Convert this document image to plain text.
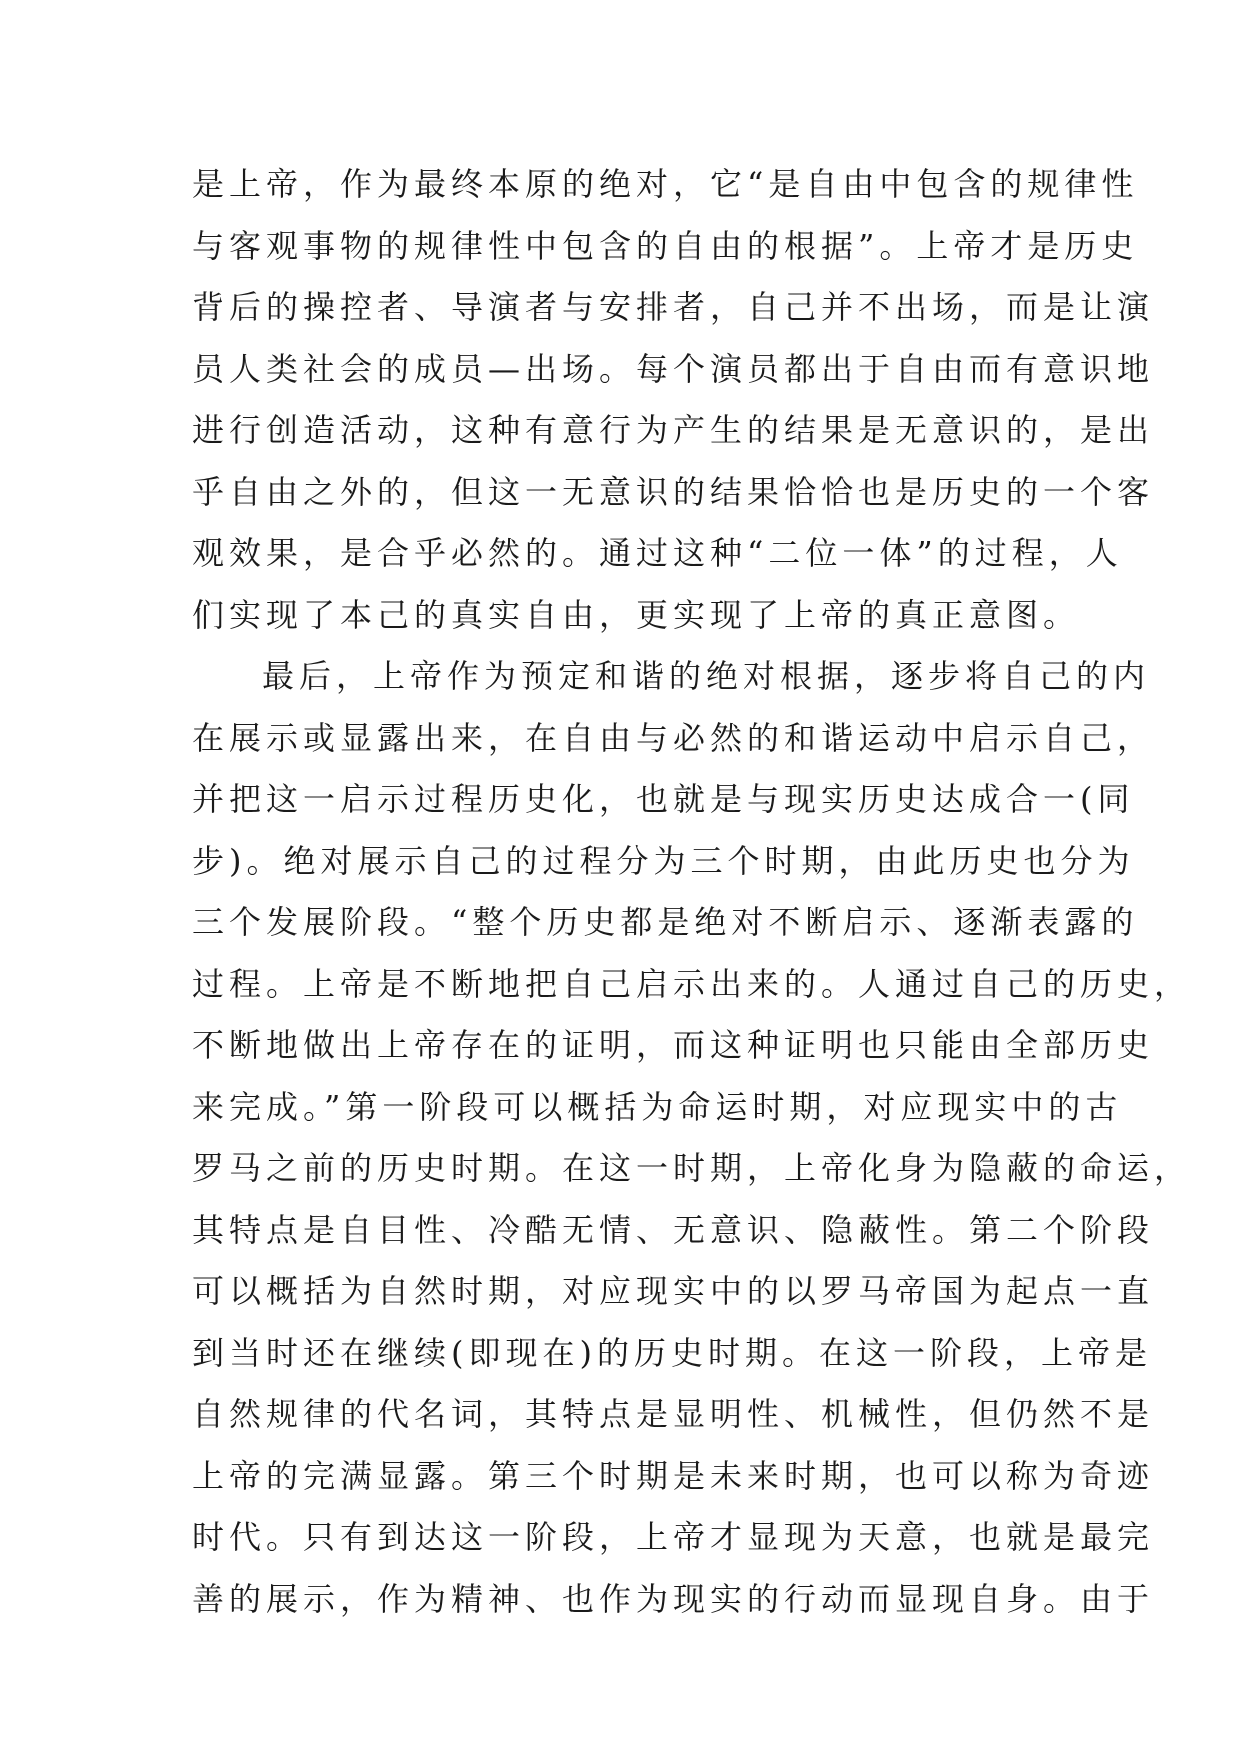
是上帝，作为最终本原的绝对，它“是自由中包含的规律性
与客观事物的规律性中包含的自由的根据”。上帝才是历史
背后的操控者、导演者与安排者，自己并不出场，而是让演
员人类社会的成员—出场。每个演员都出于自由而有意识地
进行创造活动，这种有意行为产生的结果是无意识的，是出
乎自由之外的，但这一无意识的结果恰恰也是历史的一个客
观效果，是合乎必然的。通过这种“二位一体”的过程，人
们实现了本己的真实自由，更实现了上帝的真正意图。
最后，上帝作为预定和谐的绝对根据，逐步将自己的内
在展示或显露出来，在自由与必然的和谐运动中启示自己，
并把这一启示过程历史化，也就是与现实历史达成合一(同
步)。绝对展示自己的过程分为三个时期，由此历史也分为
三个发展阶段。“整个历史都是绝对不断启示、逐渐表露的
过程。上帝是不断地把自己启示出来的。人通过自己的历史，
不断地做出上帝存在的证明，而这种证明也只能由全部历史
来完成。”第一阶段可以概括为命运时期，对应现实中的古
罗马之前的历史时期。在这一时期，上帝化身为隐蔽的命运，
其特点是自目性、冷酷无情、无意识、隐蔽性。第二个阶段
可以概括为自然时期，对应现实中的以罗马帝国为起点一直
到当时还在继续(即现在)的历史时期。在这一阶段，上帝是
自然规律的代名词，其特点是显明性、机械性，但仍然不是
上帝的完满显露。第三个时期是未来时期，也可以称为奇迹
时代。只有到达这一阶段，上帝才显现为天意，也就是最完
善的展示，作为精神、也作为现实的行动而显现自身。由于
